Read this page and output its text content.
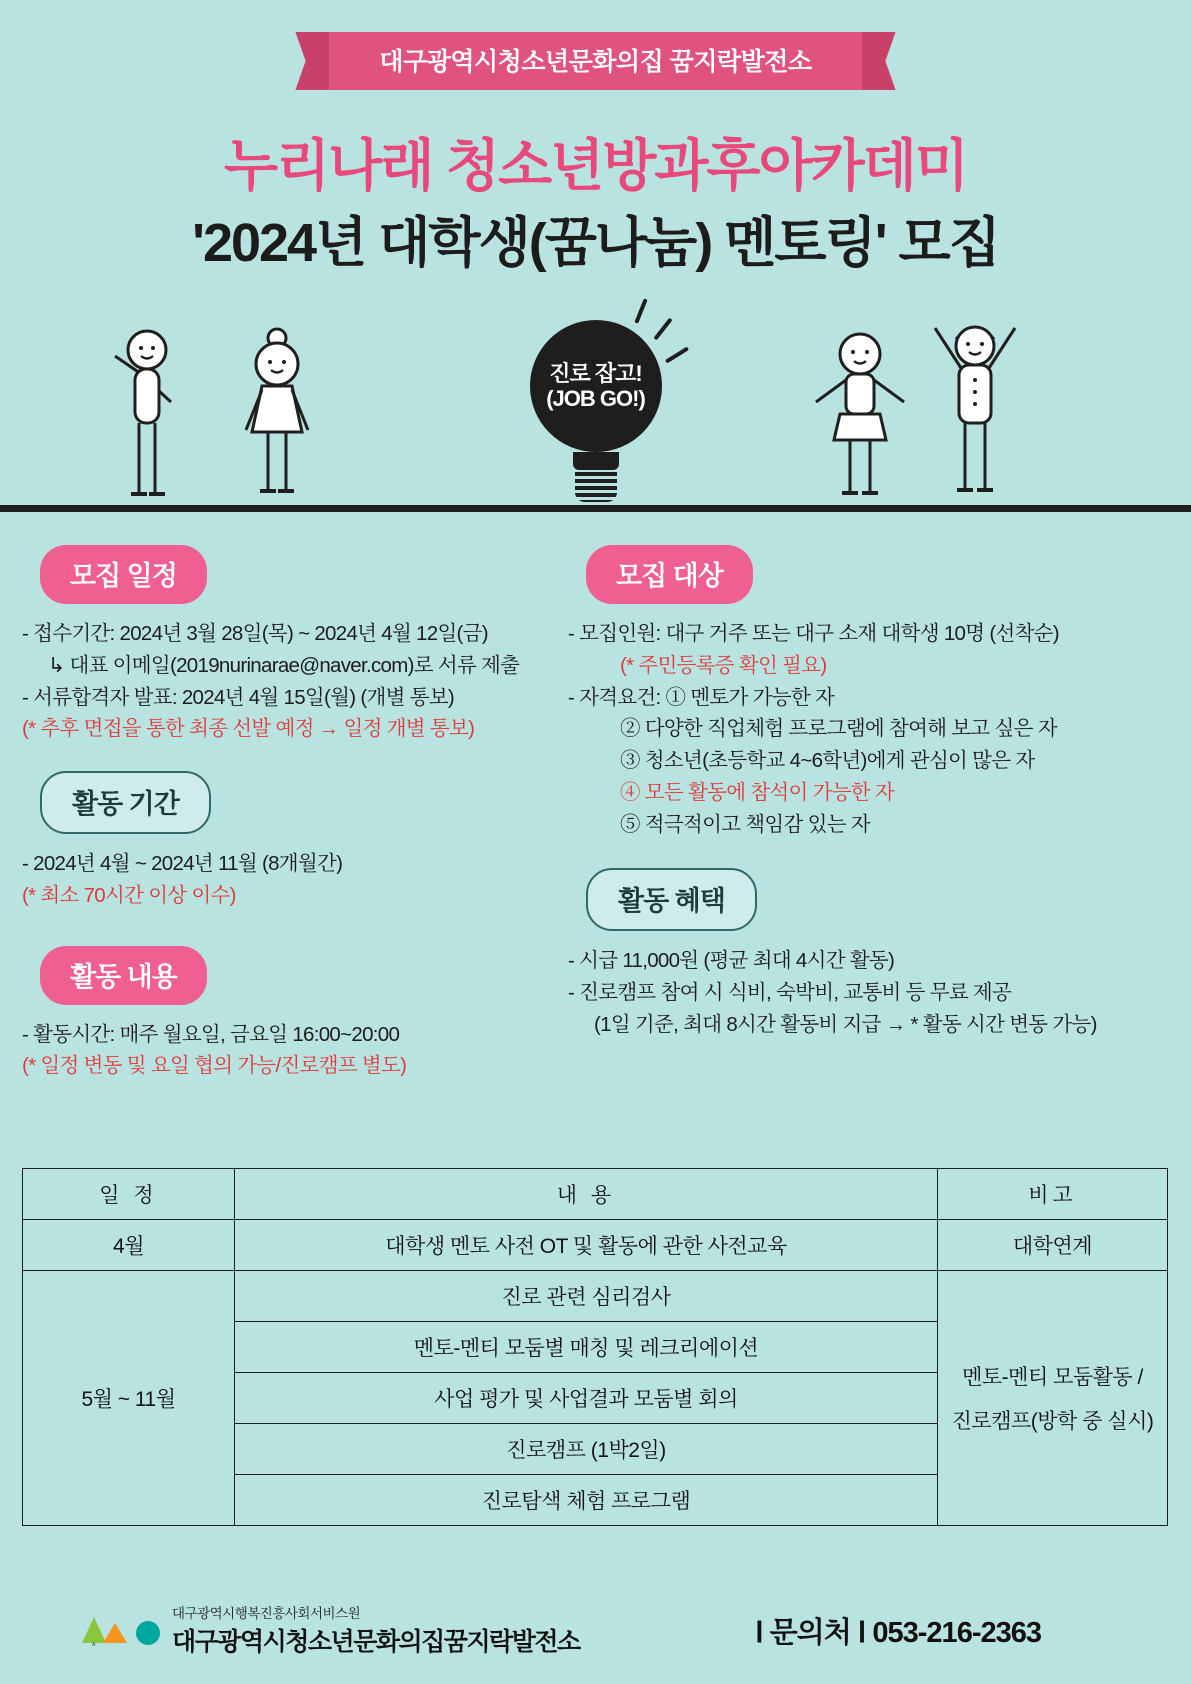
대구광역시청소년문화의집 꿈지락발전소
누리나래 청소년방과후아카데미
'2024년 대학생(꿈나눔) 멘토링' 모집
진로 잡고!
(JOB GO!)
모집 일정
- 접수기간: 2024년 3월 28일(목) ~ 2024년 4월 12일(금)
↳ 대표 이메일(2019nurinarae@naver.com)로 서류 제출
- 서류합격자 발표: 2024년 4월 15일(월) (개별 통보)
(* 추후 면접을 통한 최종 선발 예정 → 일정 개별 통보)
활동 기간
- 2024년 4월 ~ 2024년 11월 (8개월간)
(* 최소 70시간 이상 이수)
활동 내용
- 활동시간: 매주 월요일, 금요일 16:00~20:00
(* 일정 변동 및 요일 협의 가능/진로캠프 별도)
모집 대상
- 모집인원: 대구 거주 또는 대구 소재 대학생 10명 (선착순)
(* 주민등록증 확인 필요)
- 자격요건: ① 멘토가 가능한 자
② 다양한 직업체험 프로그램에 참여해 보고 싶은 자
③ 청소년(초등학교 4~6학년)에게 관심이 많은 자
④ 모든 활동에 참석이 가능한 자
⑤ 적극적이고 책임감 있는 자
활동 혜택
- 시급 11,000원 (평균 최대 4시간 활동)
- 진로캠프 참여 시 식비, 숙박비, 교통비 등 무료 제공
(1일 기준, 최대 8시간 활동비 지급 → * 활동 시간 변동 가능)
일 정	내 용	비고
4월	대학생 멘토 사전 OT 및 활동에 관한 사전교육	대학연계
5월 ~ 11월	진로 관련 심리검사	멘토-멘티 모둠활동 /
진로캠프(방학 중 실시)

	멘토-멘티 모둠별 매칭 및 레크리에이션	
	사업 평가 및 사업결과 모둠별 회의	
	진로캠프 (1박2일)	
	진로탐색 체험 프로그램	
A
대구광역시행복진흥사회서비스원
대구광역시청소년문화의집꿈지락발전소	Ⅰ 문의처 Ⅰ 053-216-2363
